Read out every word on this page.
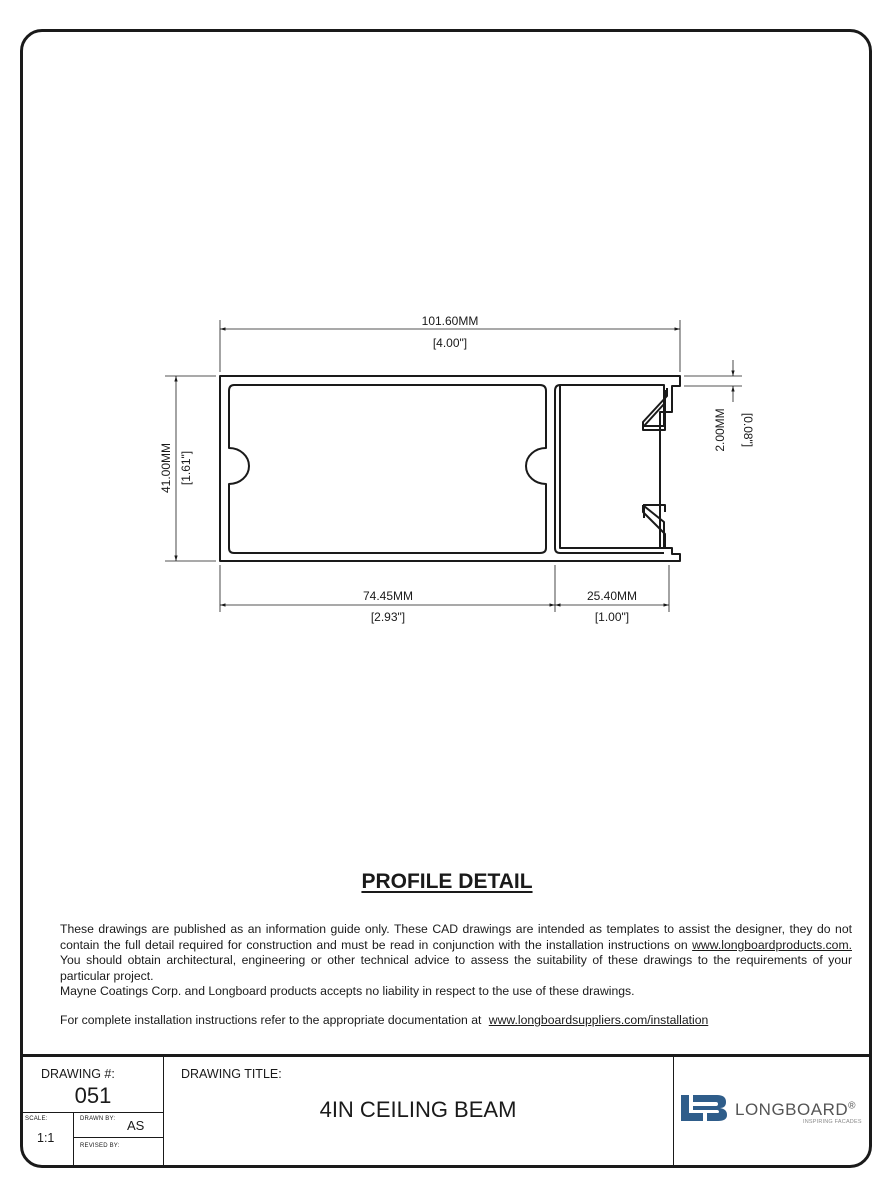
101.60MM
[4.00"]
41.00MM [1.61"]
2.00MM [0.08"]
74.45MM
[2.93"]
25.40MM
[1.00"]
PROFILE DETAIL

These drawings are published as an information guide only. These CAD drawings are intended as templates to assist the designer, they do not contain the full detail required for construction and must be read in conjunction with the installation instructions on www.longboardproducts.com. You should obtain architectural, engineering or other technical advice to assess the suitability of these drawings to the requirements of your particular project.

Mayne Coatings Corp. and Longboard products accepts no liability in respect to the use of these drawings.

For complete installation instructions refer to the appropriate documentation at www.longboardsuppliers.com/installation
DRAWING #:
051
SCALE:
1:1
DRAWN BY: AS
REVISED BY:
DRAWING TITLE:
4IN CEILING BEAM	LONGBOARD®
INSPIRING FACADES
